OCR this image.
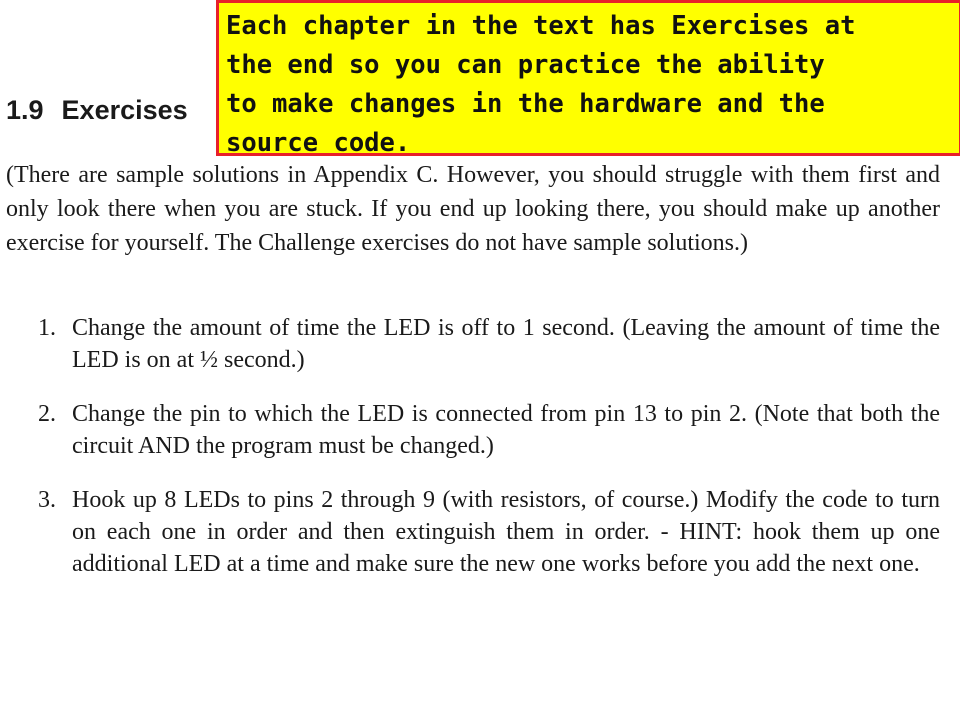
1.9 Exercises

(There are sample solutions in Appendix C. However, you should struggle with them first and only look there when you are stuck. If you end up looking there, you should make up another exercise for yourself. The Challenge exercises do not have sample solutions.)

1. Change the amount of time the LED is off to 1 second. (Leaving the amount of time the LED is on at ½ second.)
2. Change the pin to which the LED is connected from pin 13 to pin 2. (Note that both the circuit AND the program must be changed.)
3. Hook up 8 LEDs to pins 2 through 9 (with resistors, of course.) Modify the code to turn on each one in order and then extinguish them in order. - HINT: hook them up one additional LED at a time and make sure the new one works before you add the next one.
Each chapter in the text has Exercises at
the end so you can practice the ability
to make changes in the hardware and the
source code.
